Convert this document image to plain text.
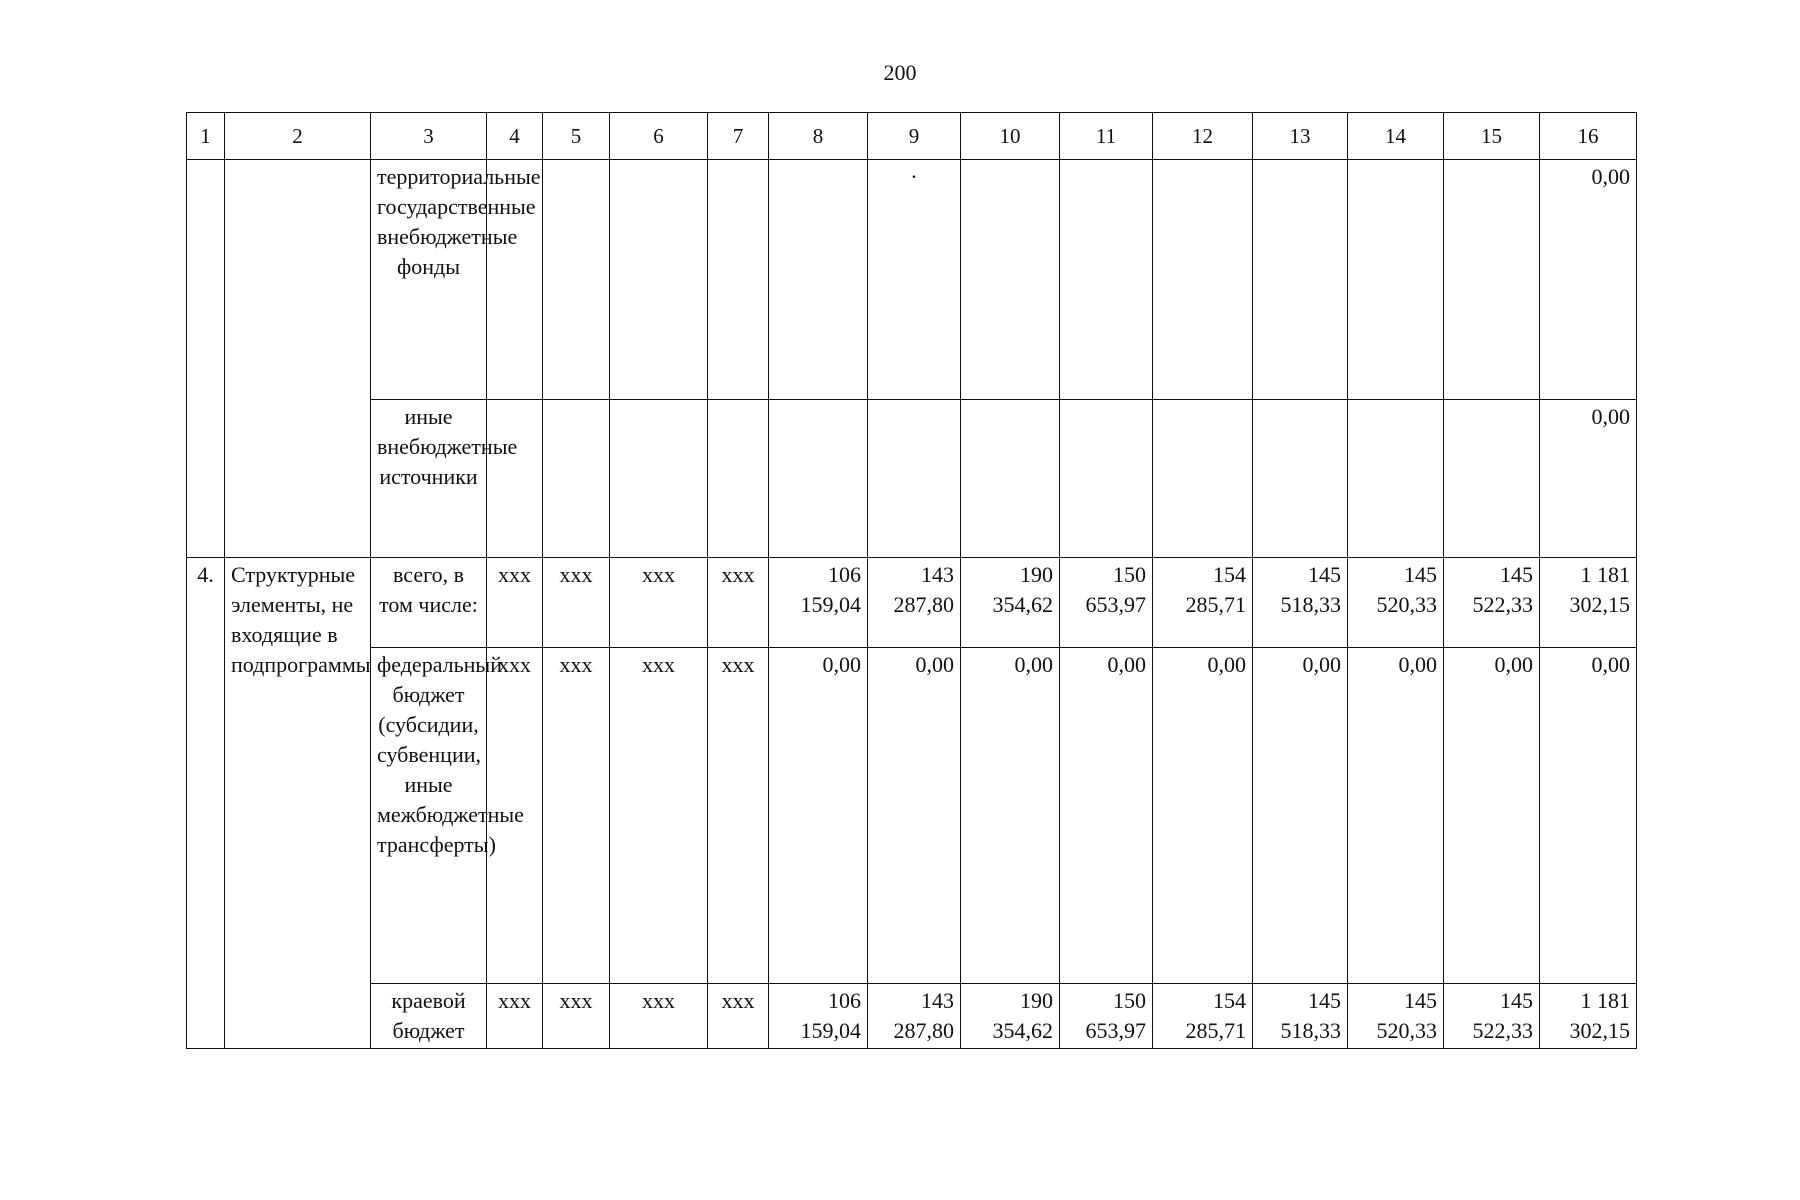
200
1	2	3	4	5	6	7	8	9	10	11	12	13	14	15	16
		территориальные государственные внебюджетные фонды						.							0,00
		иные внебюджетные источники													0,00
4.	Структурные элементы, не входящие в подпрограммы	всего, в том числе:	ххх	ххх	ххх	ххх	106 159,04	143 287,80	190 354,62	150 653,97	154 285,71	145 518,33	145 520,33	145 522,33	1 181 302,15
		федеральный бюджет (субсидии, субвенции, иные межбюджетные трансферты)	ххх	ххх	ххх	ххх	0,00	0,00	0,00	0,00	0,00	0,00	0,00	0,00	0,00
		краевой бюджет	ххх	ххх	ххх	ххх	106 159,04	143 287,80	190 354,62	150 653,97	154 285,71	145 518,33	145 520,33	145 522,33	1 181 302,15
